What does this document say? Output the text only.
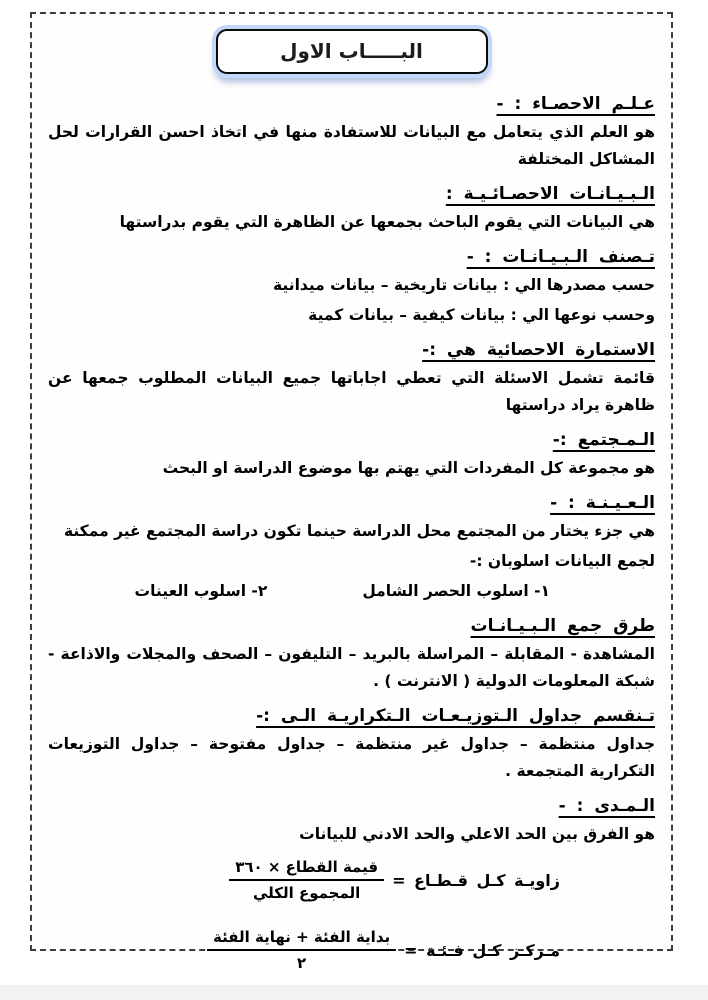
البـــــاب الاول
عـلـم الاحصـاء : -

هو العلم الذي يتعامل مع البيانات للاستفادة منها في اتخاذ احسن القرارات لحل المشاكل المختلفة

الـبـيـانـات الاحصـائـيـة :

هي البيانات التي يقوم الباحث بجمعها عن الظاهرة التي يقوم بدراستها

تـصنف الـبـيـانـات : -

حسب مصدرها الي : بيانات تاريخية – بيانات ميدانية

وحسب نوعها الي : بيانات كيفية – بيانات كمية

الاستمارة الاحصائية هي :-

قائمة تشمل الاسئلة التي تعطي اجاباتها جميع البيانات المطلوب جمعها عن ظاهرة يراد دراستها

الـمـجتمع :-

هو مجموعة كل المفردات التي يهتم بها موضوع الدراسة او البحث

الـعـيـنـة : -

هي جزء يختار من المجتمع محل الدراسة حينما تكون دراسة المجتمع غير ممكنة

لجمع البيانات اسلوبان :-

١- اسلوب الحصر الشامل
٢- اسلوب العينات
طرق جمع الـبـيـانـات

المشاهدة - المقابلة – المراسلة بالبريد – التليفون – الصحف والمجلات والاذاعة - شبكة المعلومات الدولية ( الانترنت ) .

تـنقسم جداول الـتوزيـعـات الـتكراريـة الـى :-

جداول منتظمة – جداول غير منتظمة – جداول مفتوحة – جداول التوزيعات التكرارية المتجمعة .

الـمـدى : -

هو الفرق بين الحد الاعلي والحد الادني للبيانات

زاويـة كـل قـطـاع =
$\frac{\text{قيمة القطاع × ٣٦٠}}{\text{المجموع الكلي}}$
مـركـز كـل فـئـة =
$\frac{\text{بداية الفئة + نهاية الفئة}}{٢}$
